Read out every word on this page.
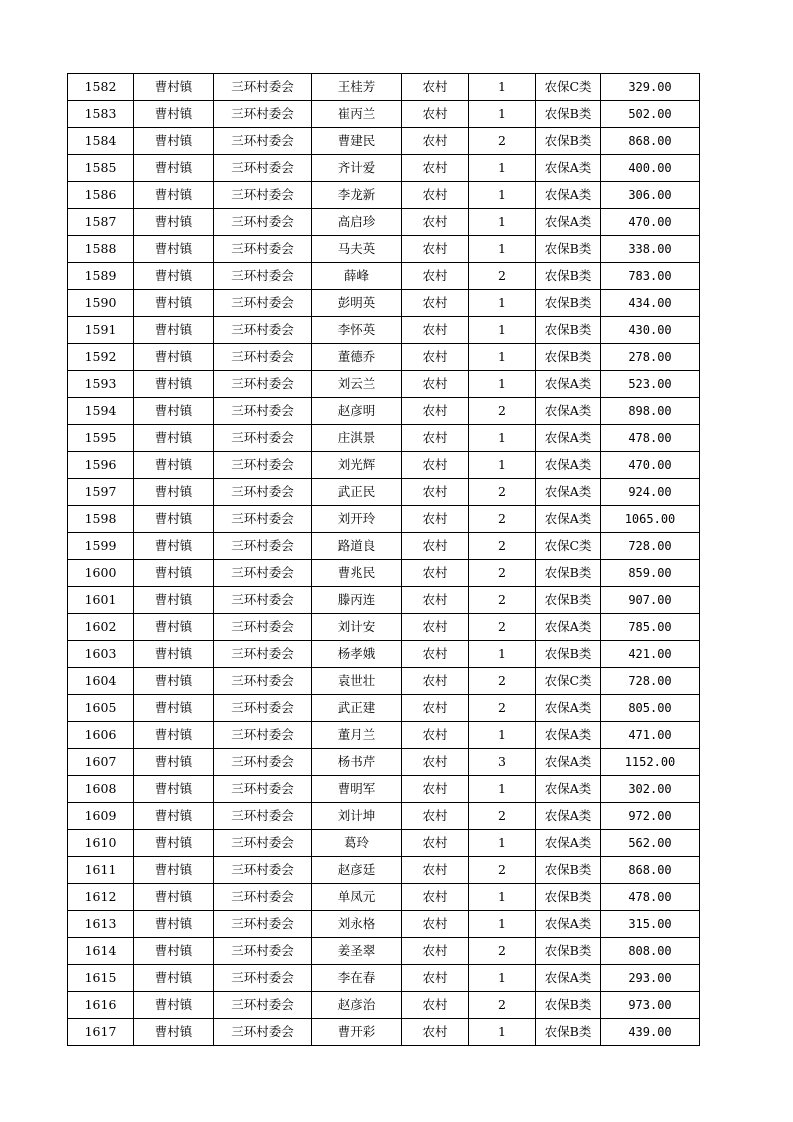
1582	曹村镇	三环村委会	王桂芳	农村	1	农保C类	329.00
1583	曹村镇	三环村委会	崔丙兰	农村	1	农保B类	502.00
1584	曹村镇	三环村委会	曹建民	农村	2	农保B类	868.00
1585	曹村镇	三环村委会	齐计爱	农村	1	农保A类	400.00
1586	曹村镇	三环村委会	李龙新	农村	1	农保A类	306.00
1587	曹村镇	三环村委会	高启珍	农村	1	农保A类	470.00
1588	曹村镇	三环村委会	马夫英	农村	1	农保B类	338.00
1589	曹村镇	三环村委会	薛峰	农村	2	农保B类	783.00
1590	曹村镇	三环村委会	彭明英	农村	1	农保B类	434.00
1591	曹村镇	三环村委会	李怀英	农村	1	农保B类	430.00
1592	曹村镇	三环村委会	董德乔	农村	1	农保B类	278.00
1593	曹村镇	三环村委会	刘云兰	农村	1	农保A类	523.00
1594	曹村镇	三环村委会	赵彦明	农村	2	农保A类	898.00
1595	曹村镇	三环村委会	庄淇景	农村	1	农保A类	478.00
1596	曹村镇	三环村委会	刘光辉	农村	1	农保A类	470.00
1597	曹村镇	三环村委会	武正民	农村	2	农保A类	924.00
1598	曹村镇	三环村委会	刘开玲	农村	2	农保A类	1065.00
1599	曹村镇	三环村委会	路道良	农村	2	农保C类	728.00
1600	曹村镇	三环村委会	曹兆民	农村	2	农保B类	859.00
1601	曹村镇	三环村委会	滕丙连	农村	2	农保B类	907.00
1602	曹村镇	三环村委会	刘计安	农村	2	农保A类	785.00
1603	曹村镇	三环村委会	杨孝娥	农村	1	农保B类	421.00
1604	曹村镇	三环村委会	袁世壮	农村	2	农保C类	728.00
1605	曹村镇	三环村委会	武正建	农村	2	农保A类	805.00
1606	曹村镇	三环村委会	董月兰	农村	1	农保A类	471.00
1607	曹村镇	三环村委会	杨书芹	农村	3	农保A类	1152.00
1608	曹村镇	三环村委会	曹明军	农村	1	农保A类	302.00
1609	曹村镇	三环村委会	刘计坤	农村	2	农保A类	972.00
1610	曹村镇	三环村委会	葛玲	农村	1	农保A类	562.00
1611	曹村镇	三环村委会	赵彦廷	农村	2	农保B类	868.00
1612	曹村镇	三环村委会	单凤元	农村	1	农保B类	478.00
1613	曹村镇	三环村委会	刘永格	农村	1	农保A类	315.00
1614	曹村镇	三环村委会	姜圣翠	农村	2	农保B类	808.00
1615	曹村镇	三环村委会	李在春	农村	1	农保A类	293.00
1616	曹村镇	三环村委会	赵彦治	农村	2	农保B类	973.00
1617	曹村镇	三环村委会	曹开彩	农村	1	农保B类	439.00
